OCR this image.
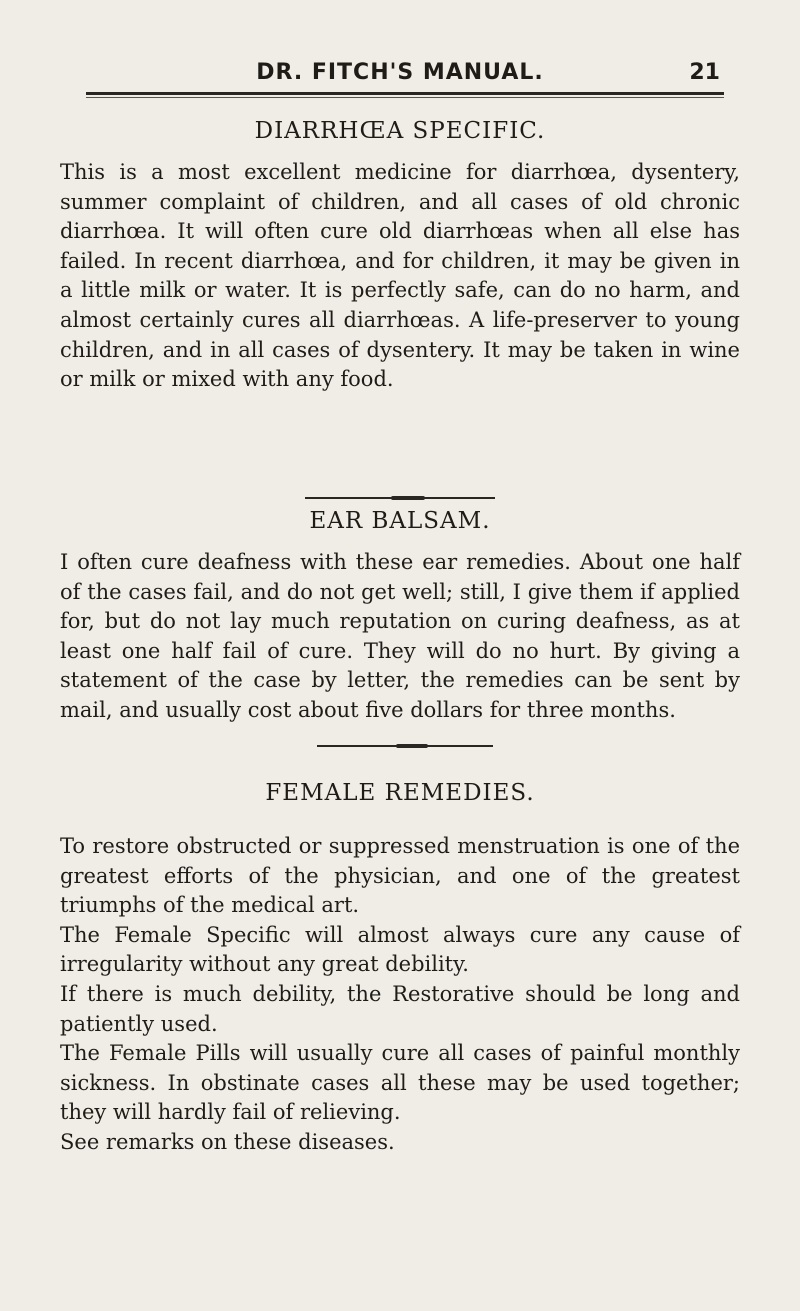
DR. FITCH'S MANUAL.	21
DIARRHŒA SPECIFIC.

This is a most excellent medicine for diarrhœa, dysentery, summer complaint of children, and all cases of old chronic diarrhœa. It will often cure old diarrhœas when all else has failed. In recent diarrhœa, and for children, it may be given in a little milk or water. It is perfectly safe, can do no harm, and almost certainly cures all diarrhœas. A life-preserver to young children, and in all cases of dysentery. It may be taken in wine or milk or mixed with any food.

EAR BALSAM.

I often cure deafness with these ear remedies. About one half of the cases fail, and do not get well; still, I give them if applied for, but do not lay much reputation on curing deafness, as at least one half fail of cure. They will do no hurt. By giving a statement of the case by letter, the remedies can be sent by mail, and usually cost about five dollars for three months.

FEMALE REMEDIES.

To restore obstructed or suppressed menstruation is one of the greatest efforts of the physician, and one of the greatest triumphs of the medical art.

The Female Specific will almost always cure any cause of irregularity without any great debility.

If there is much debility, the Restorative should be long and patiently used.

The Female Pills will usually cure all cases of painful monthly sickness. In obstinate cases all these may be used together; they will hardly fail of relieving.

See remarks on these diseases.
